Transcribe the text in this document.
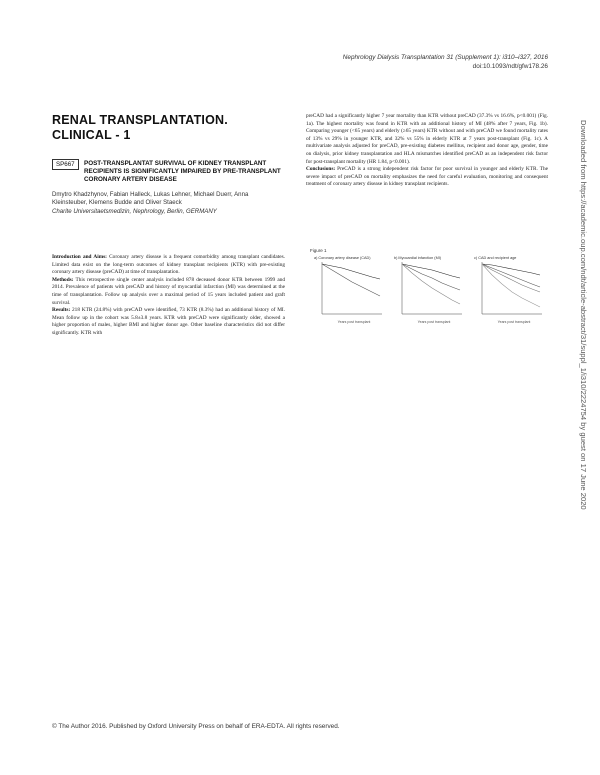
Nephrology Dialysis Transplantation 31 (Supplement 1): i310–i327, 2016
doi:10.1093/ndt/gfw178.26
RENAL TRANSPLANTATION.
CLINICAL - 1
SP667	POST-TRANSPLANTAT SURVIVAL OF KIDNEY TRANSPLANT RECIPIENTS IS SIGNIFICANTLY IMPAIRED BY PRE-TRANSPLANT CORONARY ARTERY DISEASE
Dmytro Khadzhynov, Fabian Halleck, Lukas Lehner, Michael Duerr, Anna Kleinsteuber, Klemens Budde and Oliver Staeck
Charite Universitaetsmedizin, Nephrology, Berlin, GERMANY

Introduction and Aims: Coronary artery disease is a frequent comorbidity among transplant candidates. Limited data exist on the long-term outcomes of kidney transplant recipients (KTR) with pre-existing coronary artery disease (preCAD) at time of transplantation.

Methods: This retrospective single center analysis included 878 deceased donor KTR between 1999 and 2014. Prevalence of patients with preCAD and history of myocardial infarction (MI) was determined at the time of transplantation. Follow up analysis over a maximal period of 15 years included patient and graft survival.

Results: 218 KTR (24.8%) with preCAD were identified, 73 KTR (8.3%) had an additional history of MI. Mean follow up in the cohort was 5.8±3.8 years. KTR with preCAD were significantly older, showed a higher proportion of males, higher BMI and higher donor age. Other baseline characteristics did not differ significantly. KTR with

preCAD had a significantly higher 7 year mortality than KTR without preCAD (37.3% vs 16.6%, p<0.001) (Fig. 1a). The highest mortality was found in KTR with an additional history of MI (48% after 7 years, Fig. 1b). Comparing younger (<65 years) and elderly (≥65 years) KTR without and with preCAD we found mortality rates of 13% vs 29% in younger KTR, and 32% vs 55% in elderly KTR at 7 years post-transplant (Fig. 1c). A multivariate analysis adjusted for preCAD, pre-existing diabetes mellitus, recipient and donor age, gender, time on dialysis, prior kidney transplantation and HLA mismatches identified preCAD as an independent risk factor for post-transplant mortality (HR 1.84, p<0.001).

Conclusions: PreCAD is a strong independent risk factor for poor survival in younger and elderly KTR. The severe impact of preCAD on mortality emphasizes the need for careful evaluation, monitoring and consequent treatment of coronary artery disease in kidney transplant recipients.

Figure 1
a) Coronary artery disease (CAD)
Years post transplant
b) Myocardial infarction (MI)
Years post transplant
c) CAD and recipient age
Years post transplant	Downloaded from https://academic.oup.com/ndt/article-abstract/31/suppl_1/i310/2224754 by guest on 17 June 2020
© The Author 2016. Published by Oxford University Press on behalf of ERA-EDTA. All rights reserved.
